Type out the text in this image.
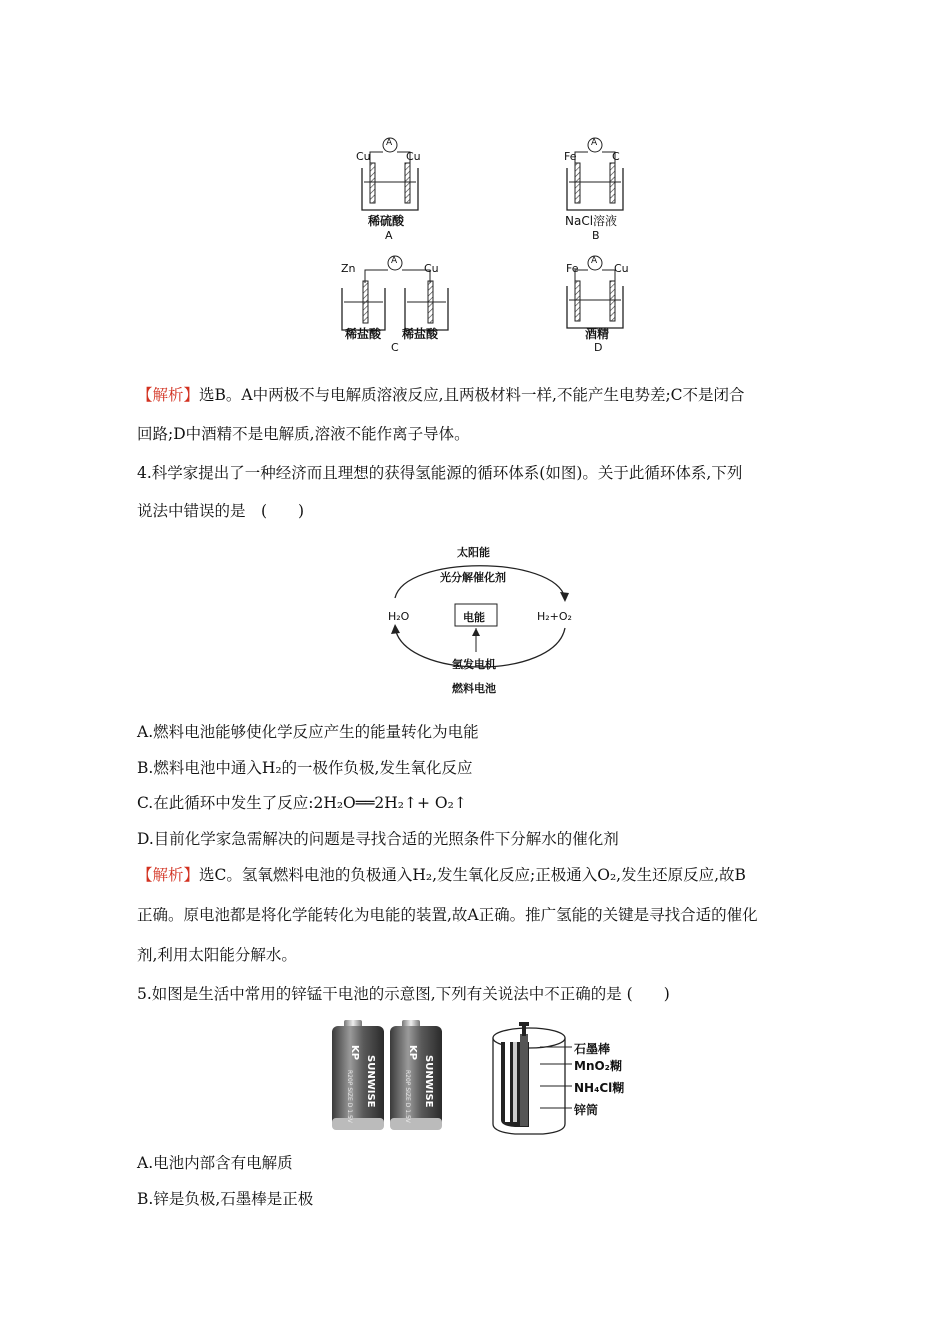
A	A
A	A
Cu	Cu
稀硫酸
A
Fe	C
NaCl溶液
B
Zn	Cu
稀盐酸 稀盐酸
C
Fe	Cu
酒精
D
【解析】选B。A中两极不与电解质溶液反应,且两极材料一样,不能产生电势差;C不是闭合
回路;D中酒精不是电解质,溶液不能作离子导体。
4.科学家提出了一种经济而且理想的获得氢能源的循环体系(如图)。关于此循环体系,下列
说法中错误的是　(　　)
太阳能
光分解催化剂
H₂O	电能	H₂+O₂
氢发电机
燃料电池
A.燃料电池能够使化学反应产生的能量转化为电能
B.燃料电池中通入H₂的一极作负极,发生氧化反应
C.在此循环中发生了反应:2H₂O══2H₂↑+ O₂↑
D.目前化学家急需解决的问题是寻找合适的光照条件下分解水的催化剂
【解析】选C。氢氧燃料电池的负极通入H₂,发生氧化反应;正极通入O₂,发生还原反应,故B
正确。原电池都是将化学能转化为电能的装置,故A正确。推广氢能的关键是寻找合适的催化
剂,利用太阳能分解水。
5.如图是生活中常用的锌锰干电池的示意图,下列有关说法中不正确的是 (　　)
KP
SUNWISE
R20P SIZE D 1.5V
KP
SUNWISE
R20P SIZE D 1.5V
石墨棒
MnO₂糊
NH₄Cl糊
锌筒
A.电池内部含有电解质
B.锌是负极,石墨棒是正极
